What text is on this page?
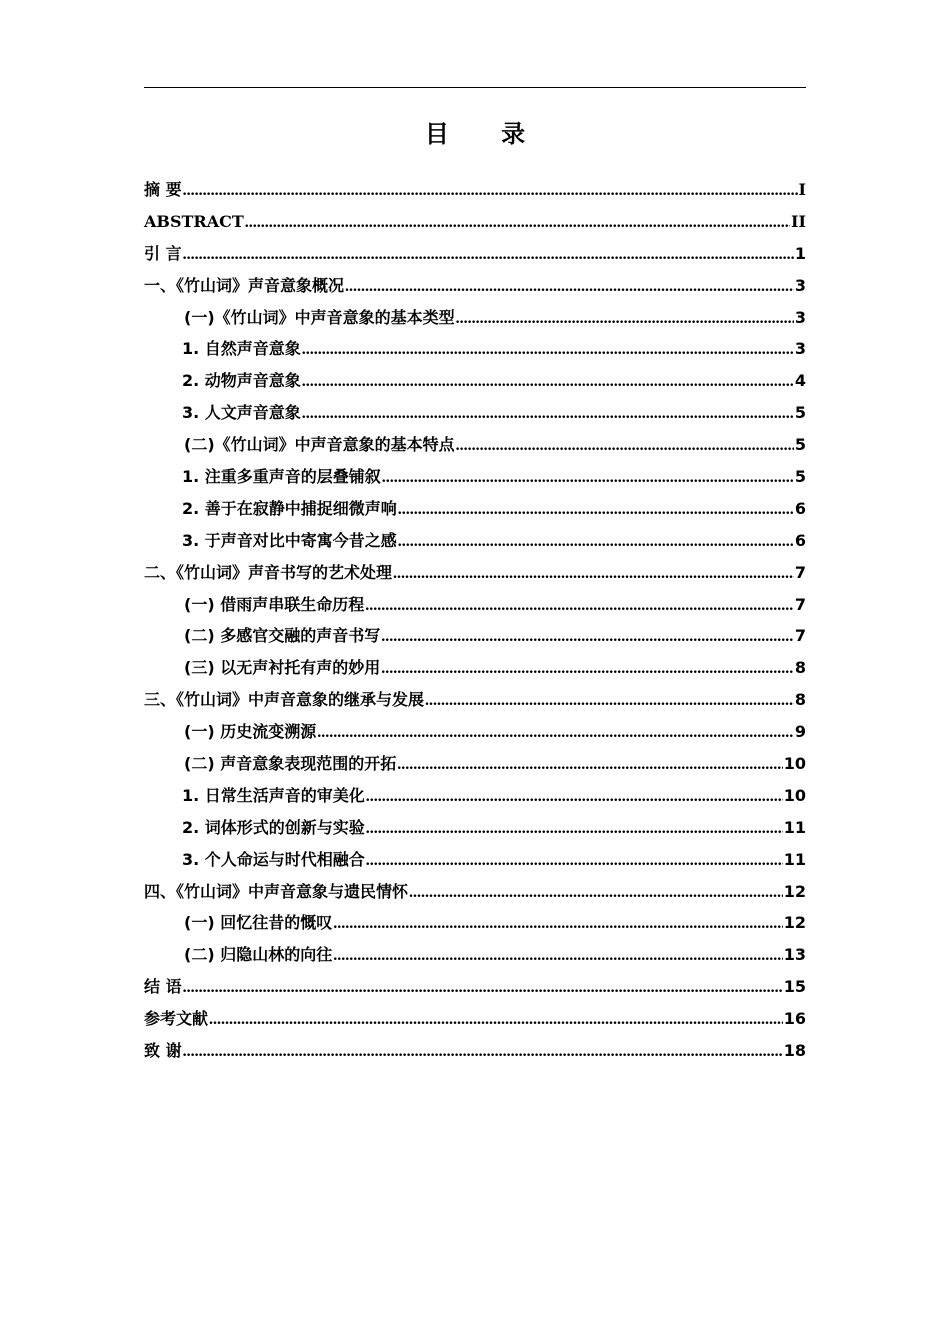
目 录
摘 要 .....	I
ABSTRACT .....	II
引 言 .....	1
一、《竹山词》声音意象概况 .....	3
(一)《竹山词》中声音意象的基本类型 .....	3
1. 自然声音意象 .....	3
2. 动物声音意象 .....	4
3. 人文声音意象 .....	5
(二)《竹山词》中声音意象的基本特点 .....	5
1. 注重多重声音的层叠铺叙 .....	5
2. 善于在寂静中捕捉细微声响 .....	6
3. 于声音对比中寄寓今昔之感 .....	6
二、《竹山词》声音书写的艺术处理 .....	7
(一) 借雨声串联生命历程 .....	7
(二) 多感官交融的声音书写 .....	7
(三) 以无声衬托有声的妙用 .....	8
三、《竹山词》中声音意象的继承与发展 .....	8
(一) 历史流变溯源 .....	9
(二) 声音意象表现范围的开拓 .....	10
1. 日常生活声音的审美化 .....	10
2. 词体形式的创新与实验 .....	11
3. 个人命运与时代相融合 .....	11
四、《竹山词》中声音意象与遗民情怀 .....	12
(一) 回忆往昔的慨叹 .....	12
(二) 归隐山林的向往 .....	13
结 语 .....	15
参考文献 .....	16
致 谢 .....	18
